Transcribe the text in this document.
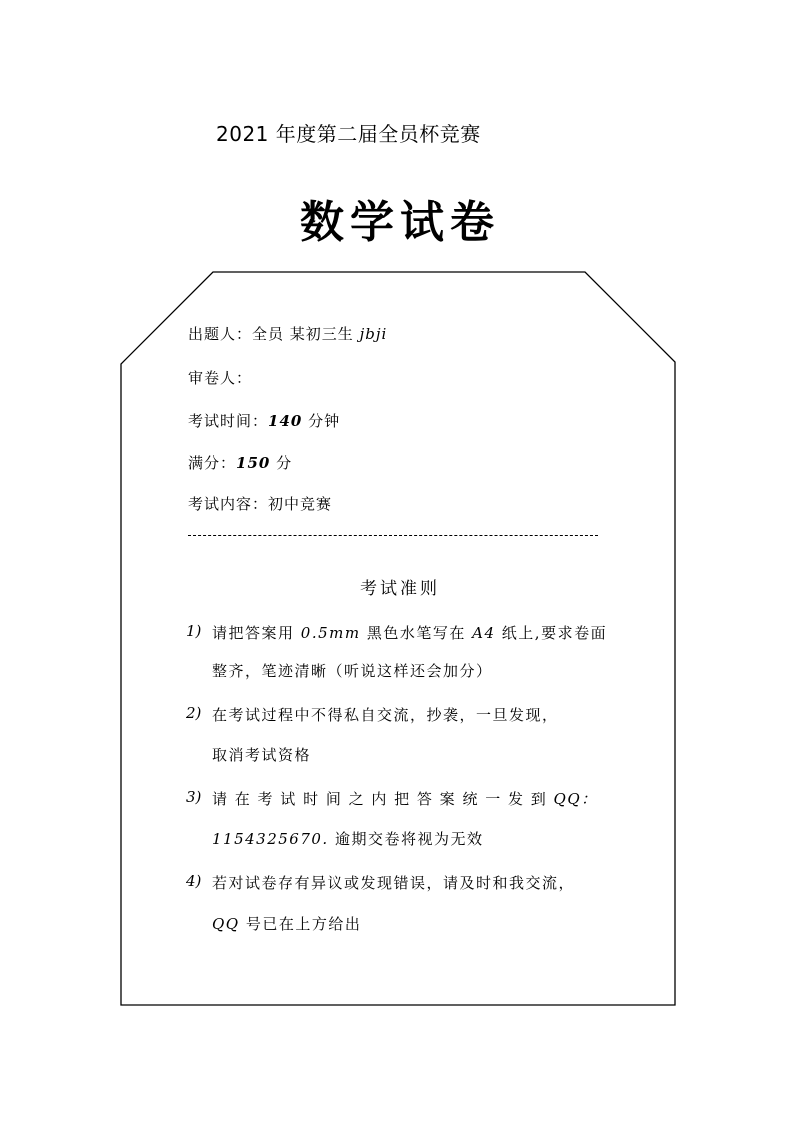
2021 年度第二届全员杯竞赛
数学试卷
出题人：全员 某初三生 jbji
审卷人：
考试时间：140 分钟
满分：150 分
考试内容：初中竞赛
考试准则
1) 请把答案用 0.5mm 黑色水笔写在 A4 纸上,要求卷面
整齐，笔迹清晰（听说这样还会加分）
2) 在考试过程中不得私自交流，抄袭，一旦发现，
取消考试资格
3) 请 在 考 试 时 间 之 内 把 答 案 统 一 发 到 QQ：
1154325670. 逾期交卷将视为无效
4) 若对试卷存有异议或发现错误，请及时和我交流，
QQ 号已在上方给出
